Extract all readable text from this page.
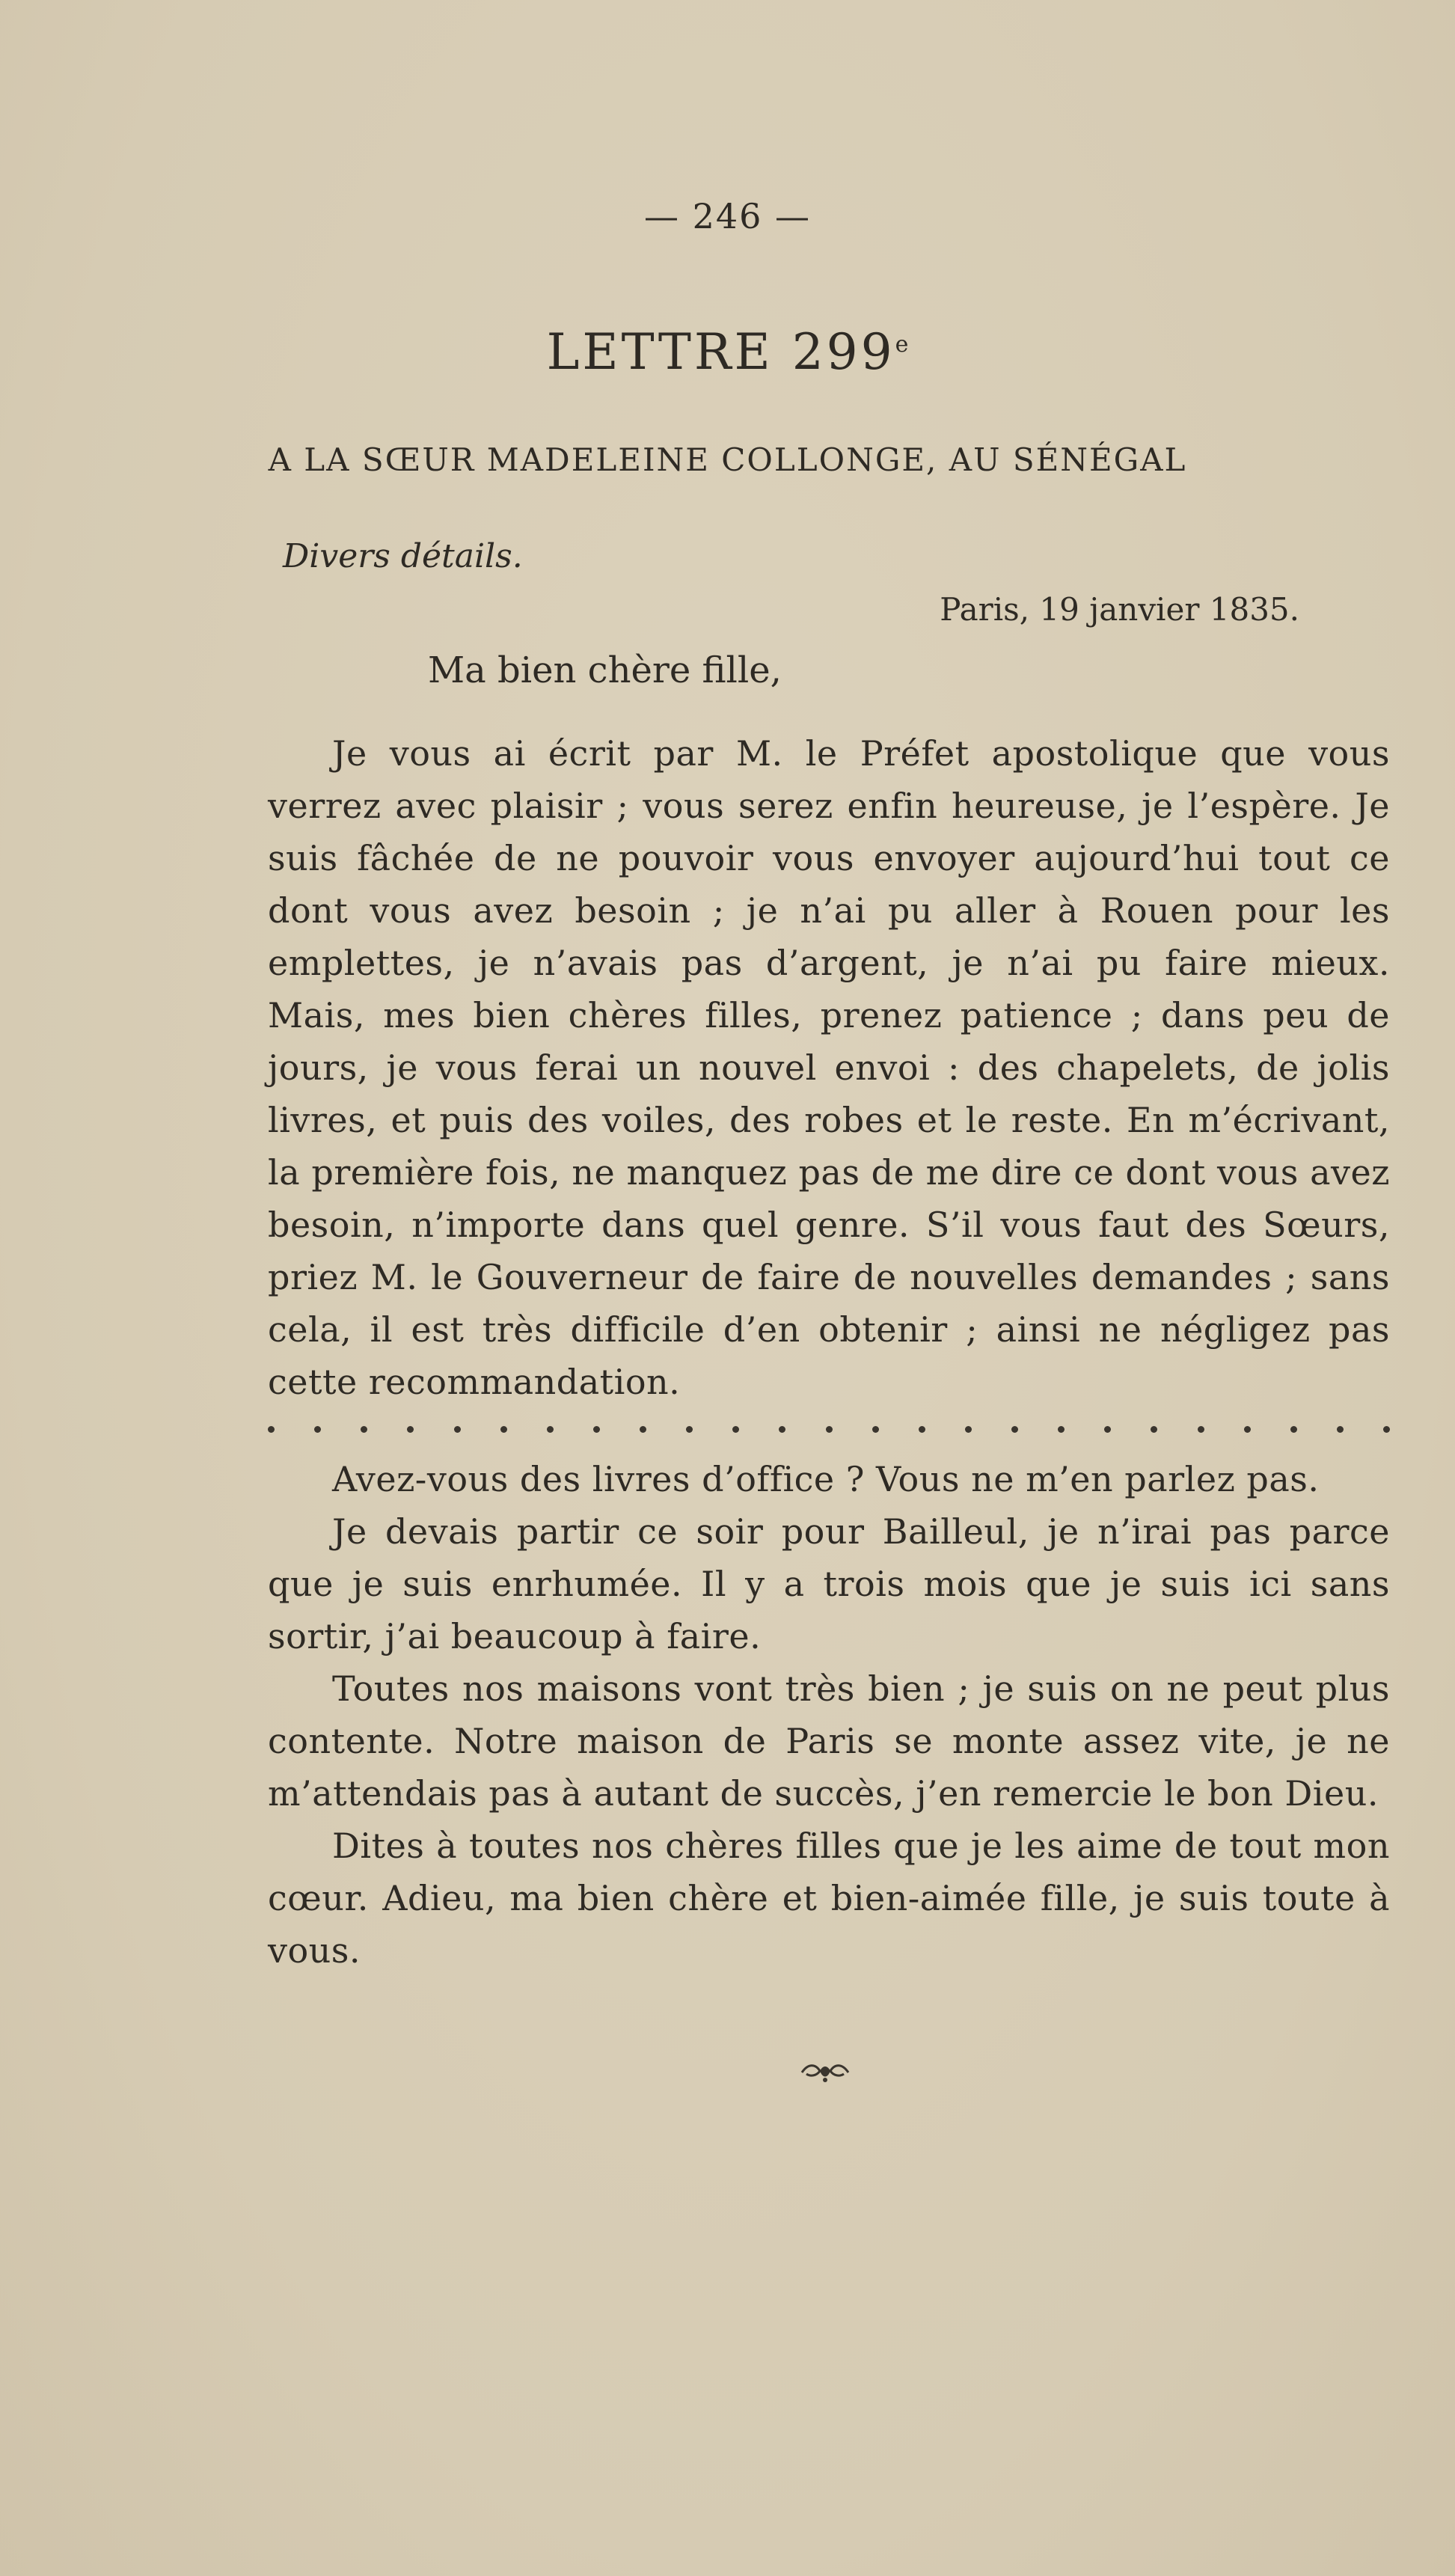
— 246 —
LETTRE 299e
A LA SŒUR MADELEINE COLLONGE, AU SÉNÉGAL
Divers détails.
Paris, 19 janvier 1835.
Ma bien chère fille,

Je vous ai écrit par M. le Préfet apostolique que vous verrez avec plaisir ; vous serez enfin heureuse, je l’espère. Je suis fâchée de ne pouvoir vous envoyer aujourd’hui tout ce dont vous avez besoin ; je n’ai pu aller à Rouen pour les emplettes, je n’avais pas d’argent, je n’ai pu faire mieux. Mais, mes bien chères filles, prenez patience ; dans peu de jours, je vous ferai un nouvel envoi : des chapelets, de jolis livres, et puis des voiles, des robes et le reste. En m’écrivant, la première fois, ne manquez pas de me dire ce dont vous avez besoin, n’importe dans quel genre. S’il vous faut des Sœurs, priez M. le Gouverneur de faire de nouvelles demandes ; sans cela, il est très difficile d’en obtenir ; ainsi ne négligez pas cette recommandation.

Avez-vous des livres d’office ? Vous ne m’en parlez pas.

Je devais partir ce soir pour Bailleul, je n’irai pas parce que je suis enrhumée. Il y a trois mois que je suis ici sans sortir, j’ai beaucoup à faire.

Toutes nos maisons vont très bien ; je suis on ne peut plus contente. Notre maison de Paris se monte assez vite, je ne m’attendais pas à autant de succès, j’en remercie le bon Dieu.

Dites à toutes nos chères filles que je les aime de tout mon cœur. Adieu, ma bien chère et bien-aimée fille, je suis toute à vous.
